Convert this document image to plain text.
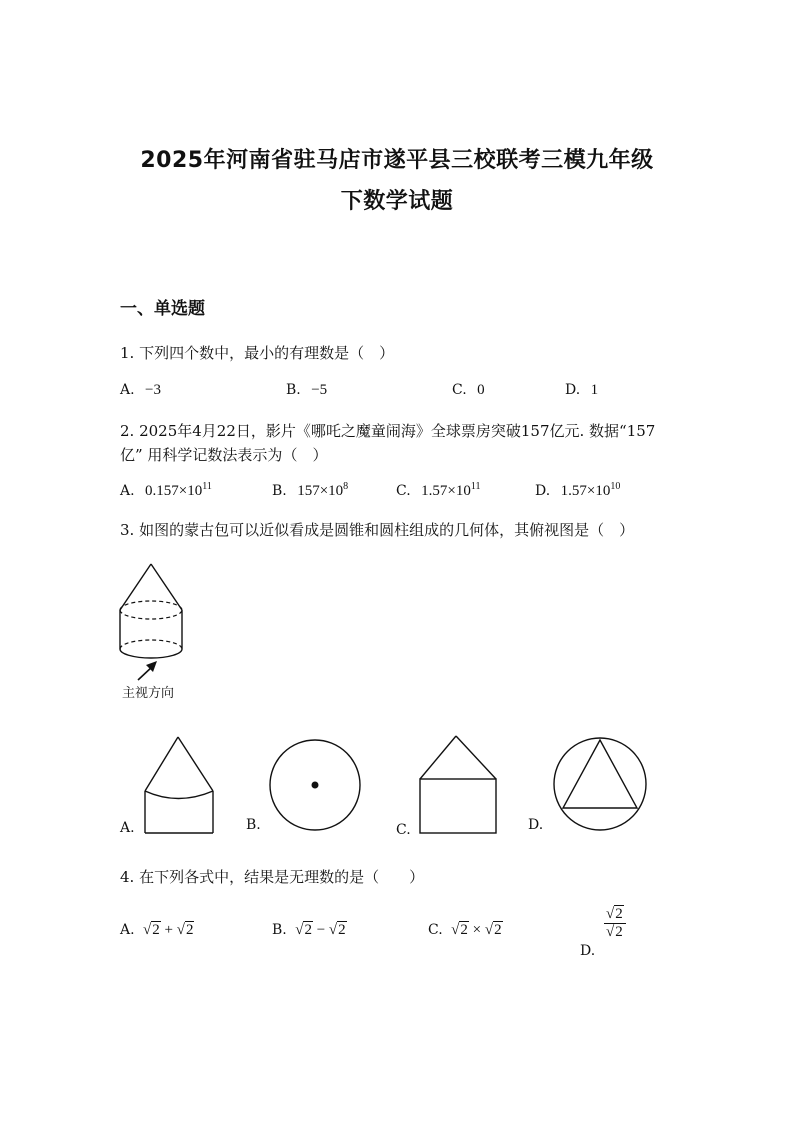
2025年河南省驻马店市遂平县三校联考三模九年级
下数学试题
一、单选题
1. 下列四个数中，最小的有理数是（　）
A. −3	B. −5	C. 0	D. 1
2. 2025年4月22日，影片《哪吒之魔童闹海》全球票房突破157亿元. 数据“157
亿” 用科学记数法表示为（　）
A. $0.157\times 10^{11}$	B. $157\times 10^8$	C. $1.57\times 10^{11}$	D. $1.57\times 10^{10}$
3. 如图的蒙古包可以近似看成是圆锥和圆柱组成的几何体，其俯视图是（　）
主视方向
A.	B.	C.	D.
4. 在下列各式中，结果是无理数的是（　　）
A. √2 + √2	B. √2 − √2	C. √2 × √2
D.
$\frac{√2}{√2}$
